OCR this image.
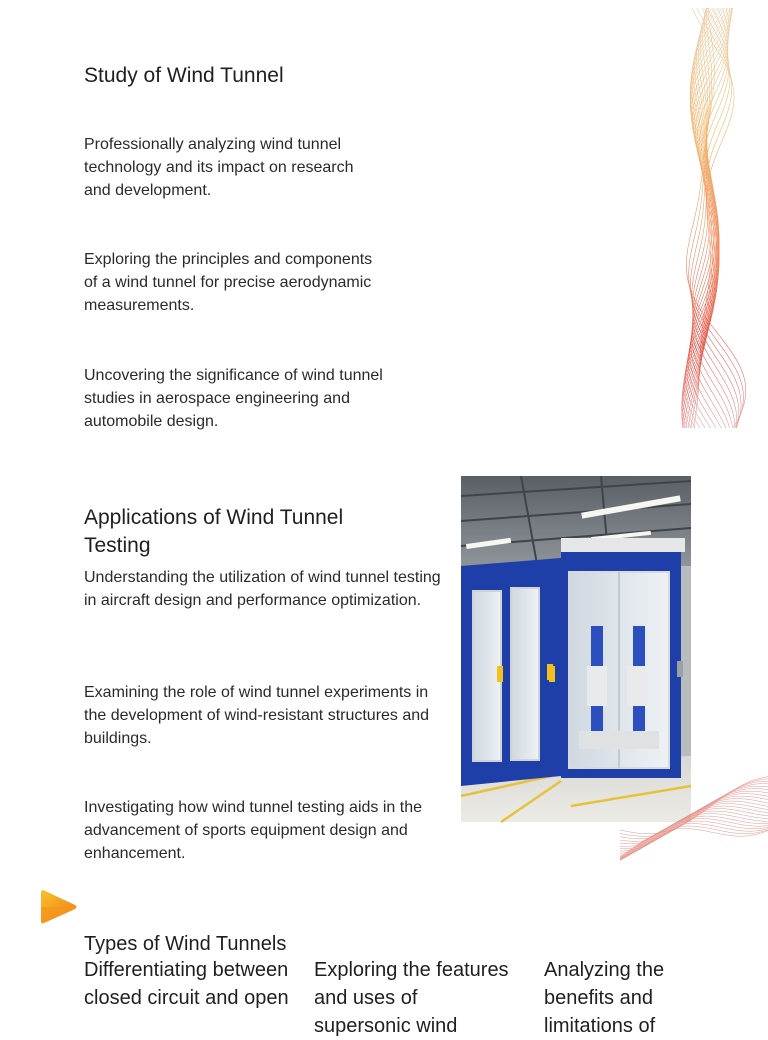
Study of Wind Tunnel

Professionally analyzing wind tunnel technology and its impact on research and development.

Exploring the principles and components of a wind tunnel for precise aerodynamic measurements.

Uncovering the significance of wind tunnel studies in aerospace engineering and automobile design.

Applications of Wind Tunnel Testing

Understanding the utilization of wind tunnel testing in aircraft design and performance optimization.

Examining the role of wind tunnel experiments in the development of wind-resistant structures and buildings.

Investigating how wind tunnel testing aids in the advancement of sports equipment design and enhancement.

Types of Wind Tunnels

Differentiating between closed circuit and open

Exploring the features and uses of supersonic wind

Analyzing the benefits and limitations of
